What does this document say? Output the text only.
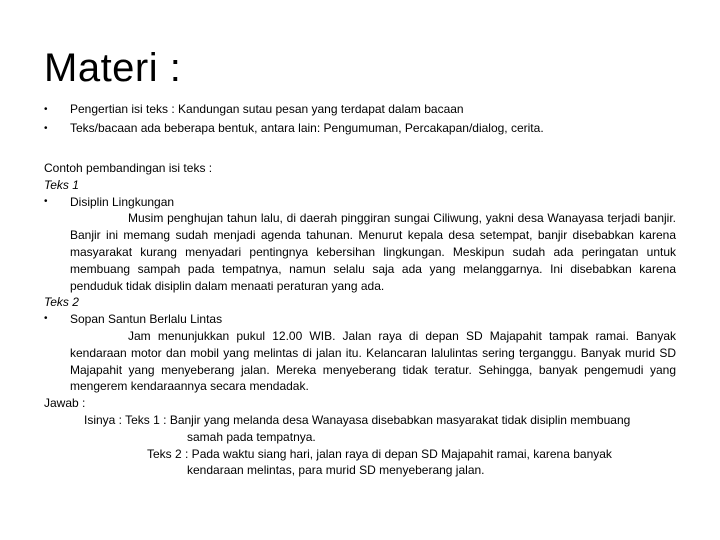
Materi :
•	Pengertian isi teks : Kandungan sutau pesan yang terdapat dalam bacaan
•	Teks/bacaan ada beberapa bentuk, antara lain: Pengumuman, Percakapan/dialog, cerita.
Contoh pembandingan isi teks :
Teks 1
•	Disiplin Lingkungan
Musim penghujan tahun lalu, di daerah pinggiran sungai Ciliwung, yakni desa Wanayasa terjadi banjir. Banjir ini memang sudah menjadi agenda tahunan. Menurut kepala desa setempat, banjir disebabkan karena masyarakat kurang menyadari pentingnya kebersihan lingkungan. Meskipun sudah ada peringatan untuk membuang sampah pada tempatnya, namun selalu saja ada yang melanggarnya. Ini disebabkan karena penduduk tidak disiplin dalam menaati peraturan yang ada.
Teks 2
•	Sopan Santun Berlalu Lintas
Jam menunjukkan pukul 12.00 WIB. Jalan raya di depan SD Majapahit tampak ramai. Banyak kendaraan motor dan mobil yang melintas di jalan itu. Kelancaran lalulintas sering terganggu. Banyak murid SD Majapahit yang menyeberang jalan. Mereka menyeberang tidak teratur. Sehingga, banyak pengemudi yang mengerem kendaraannya secara mendadak.
Jawab :
Isinya : Teks 1 : Banjir yang melanda desa Wanayasa disebabkan masyarakat tidak disiplin membuang
samah pada tempatnya.
Teks 2 : Pada waktu siang hari, jalan raya di depan SD Majapahit ramai, karena banyak
kendaraan melintas, para murid SD menyeberang jalan.
